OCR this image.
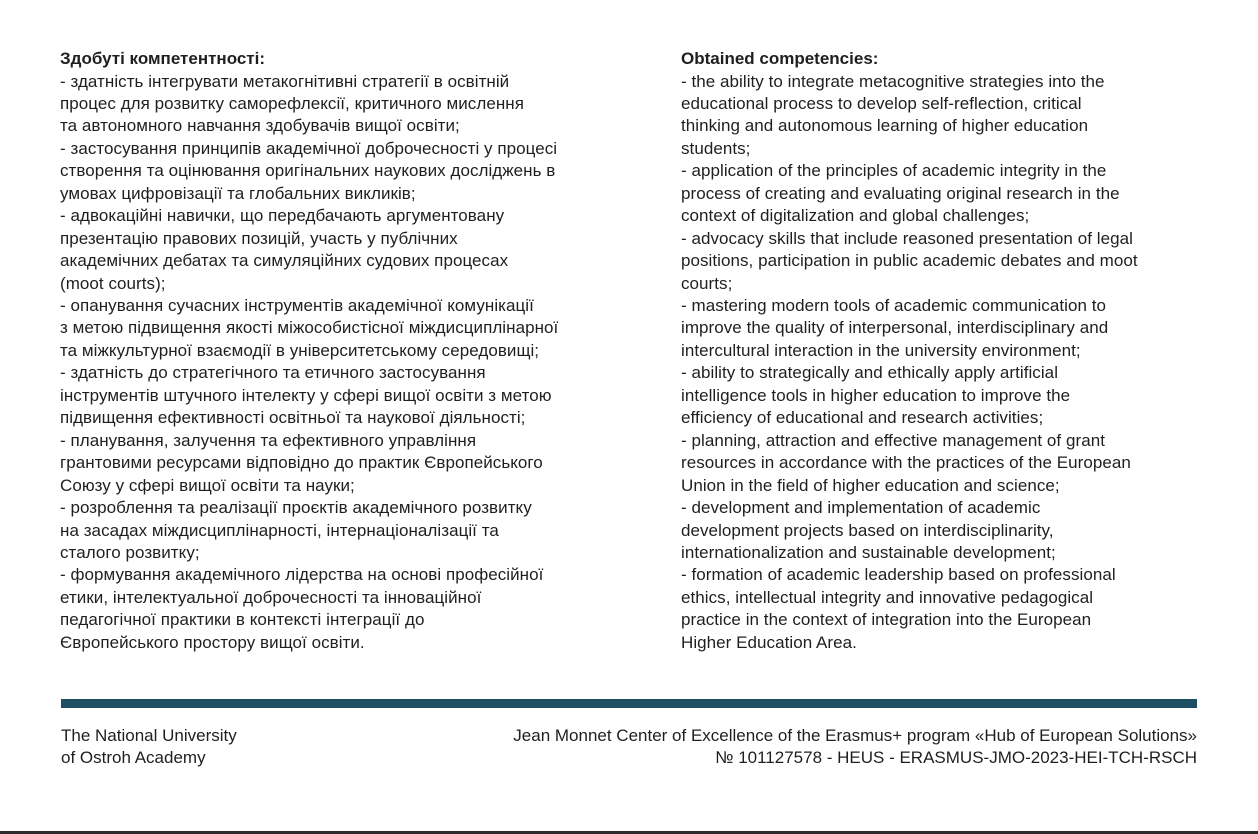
Здобуті компетентності:
- здатність інтегрувати метакогнітивні стратегії в освітній
процес для розвитку саморефлексії, критичного мислення
та автономного навчання здобувачів вищої освіти;
- застосування принципів академічної доброчесності у процесі
створення та оцінювання оригінальних наукових досліджень в
умовах цифровізації та глобальних викликів;
- адвокаційні навички, що передбачають аргументовану
презентацію правових позицій, участь у публічних
академічних дебатах та симуляційних судових процесах
(moot courts);
- опанування сучасних інструментів академічної комунікації
з метою підвищення якості міжособистісної міждисциплінарної
та міжкультурної взаємодії в університетському середовищі;
- здатність до стратегічного та етичного застосування
інструментів штучного інтелекту у сфері вищої освіти з метою
підвищення ефективності освітньої та наукової діяльності;
- планування, залучення та ефективного управління
грантовими ресурсами відповідно до практик Європейського
Союзу у сфері вищої освіти та науки;
- розроблення та реалізації проєктів академічного розвитку
на засадах міждисциплінарності, інтернаціоналізації та
сталого розвитку;
- формування академічного лідерства на основі професійної
етики, інтелектуальної доброчесності та інноваційної
педагогічної практики в контексті інтеграції до
Європейського простору вищої освіти.
Obtained competencies:
- the ability to integrate metacognitive strategies into the
educational process to develop self-reflection, critical
thinking and autonomous learning of higher education
students;
- application of the principles of academic integrity in the
process of creating and evaluating original research in the
context of digitalization and global challenges;
- advocacy skills that include reasoned presentation of legal
positions, participation in public academic debates and moot
courts;
- mastering modern tools of academic communication to
improve the quality of interpersonal, interdisciplinary and
intercultural interaction in the university environment;
- ability to strategically and ethically apply artificial
intelligence tools in higher education to improve the
efficiency of educational and research activities;
- planning, attraction and effective management of grant
resources in accordance with the practices of the European
Union in the field of higher education and science;
- development and implementation of academic
development projects based on interdisciplinarity,
internationalization and sustainable development;
- formation of academic leadership based on professional
ethics, intellectual integrity and innovative pedagogical
practice in the context of integration into the European
Higher Education Area.
The National University
of Ostroh Academy
Jean Monnet Center of Excellence of the Erasmus+ program «Hub of European Solutions»
№ 101127578 - HEUS - ERASMUS-JMO-2023-HEI-TCH-RSCH
